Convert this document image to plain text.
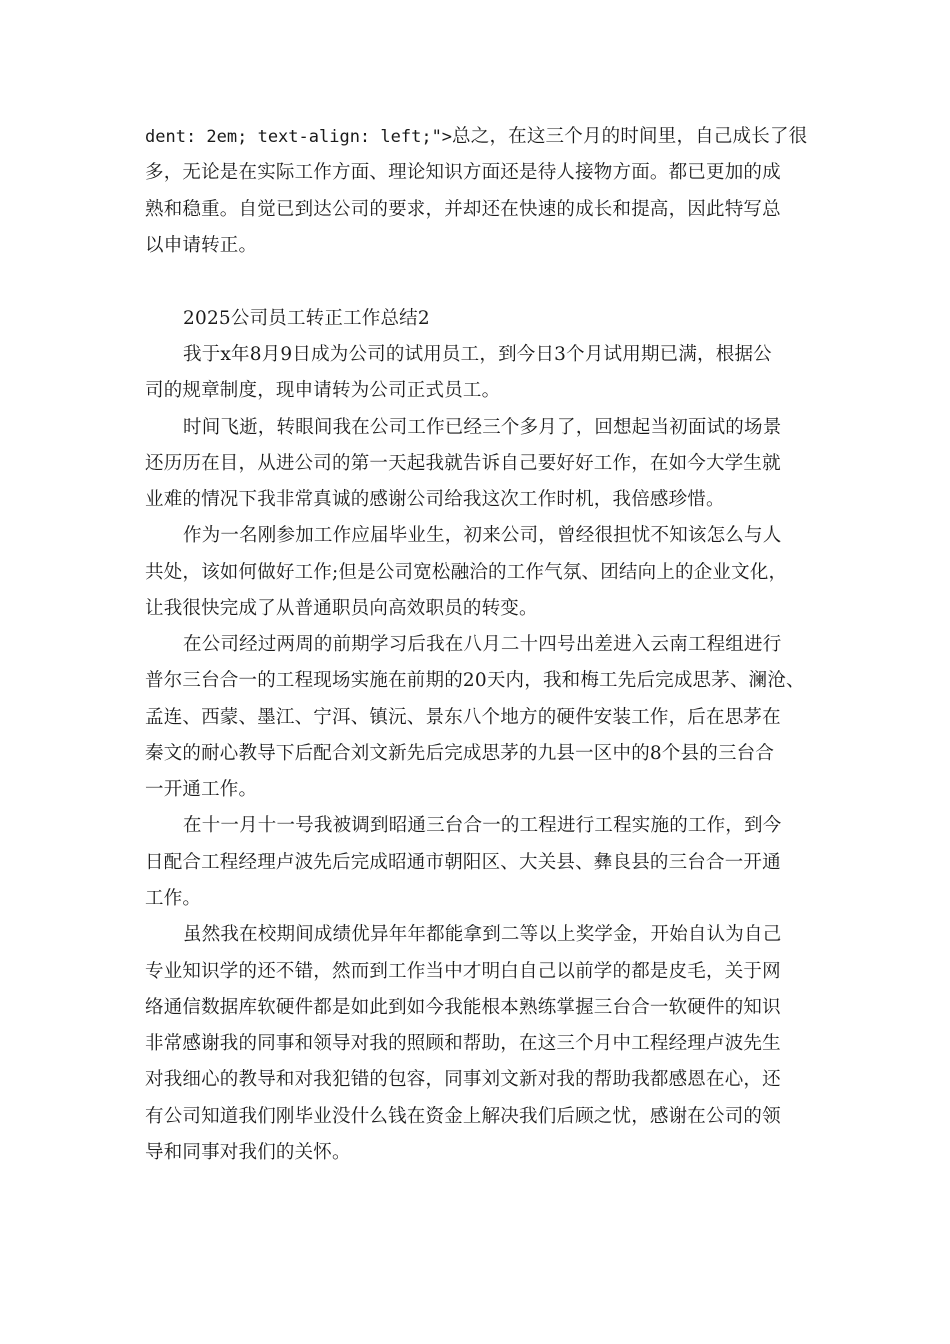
dent: 2em; text-align: left;">总之，在这三个月的时间里，自己成长了很
多，无论是在实际工作方面、理论知识方面还是待人接物方面。都已更加的成
熟和稳重。自觉已到达公司的要求，并却还在快速的成长和提高，因此特写总
以申请转正。
2025公司员工转正工作总结2
我于x年8月9日成为公司的试用员工，到今日3个月试用期已满，根据公
司的规章制度，现申请转为公司正式员工。
时间飞逝，转眼间我在公司工作已经三个多月了，回想起当初面试的场景
还历历在目，从进公司的第一天起我就告诉自己要好好工作，在如今大学生就
业难的情况下我非常真诚的感谢公司给我这次工作时机，我倍感珍惜。
作为一名刚参加工作应届毕业生，初来公司，曾经很担忧不知该怎么与人
共处，该如何做好工作;但是公司宽松融洽的工作气氛、团结向上的企业文化，
让我很快完成了从普通职员向高效职员的转变。
在公司经过两周的前期学习后我在八月二十四号出差进入云南工程组进行
普尔三台合一的工程现场实施在前期的20天内，我和梅工先后完成思茅、澜沧、
孟连、西蒙、墨江、宁洱、镇沅、景东八个地方的硬件安装工作，后在思茅在
秦文的耐心教导下后配合刘文新先后完成思茅的九县一区中的8个县的三台合
一开通工作。
在十一月十一号我被调到昭通三台合一的工程进行工程实施的工作，到今
日配合工程经理卢波先后完成昭通市朝阳区、大关县、彝良县的三台合一开通
工作。
虽然我在校期间成绩优异年年都能拿到二等以上奖学金，开始自认为自己
专业知识学的还不错，然而到工作当中才明白自己以前学的都是皮毛，关于网
络通信数据库软硬件都是如此到如今我能根本熟练掌握三台合一软硬件的知识
非常感谢我的同事和领导对我的照顾和帮助，在这三个月中工程经理卢波先生
对我细心的教导和对我犯错的包容，同事刘文新对我的帮助我都感恩在心，还
有公司知道我们刚毕业没什么钱在资金上解决我们后顾之忧，感谢在公司的领
导和同事对我们的关怀。
